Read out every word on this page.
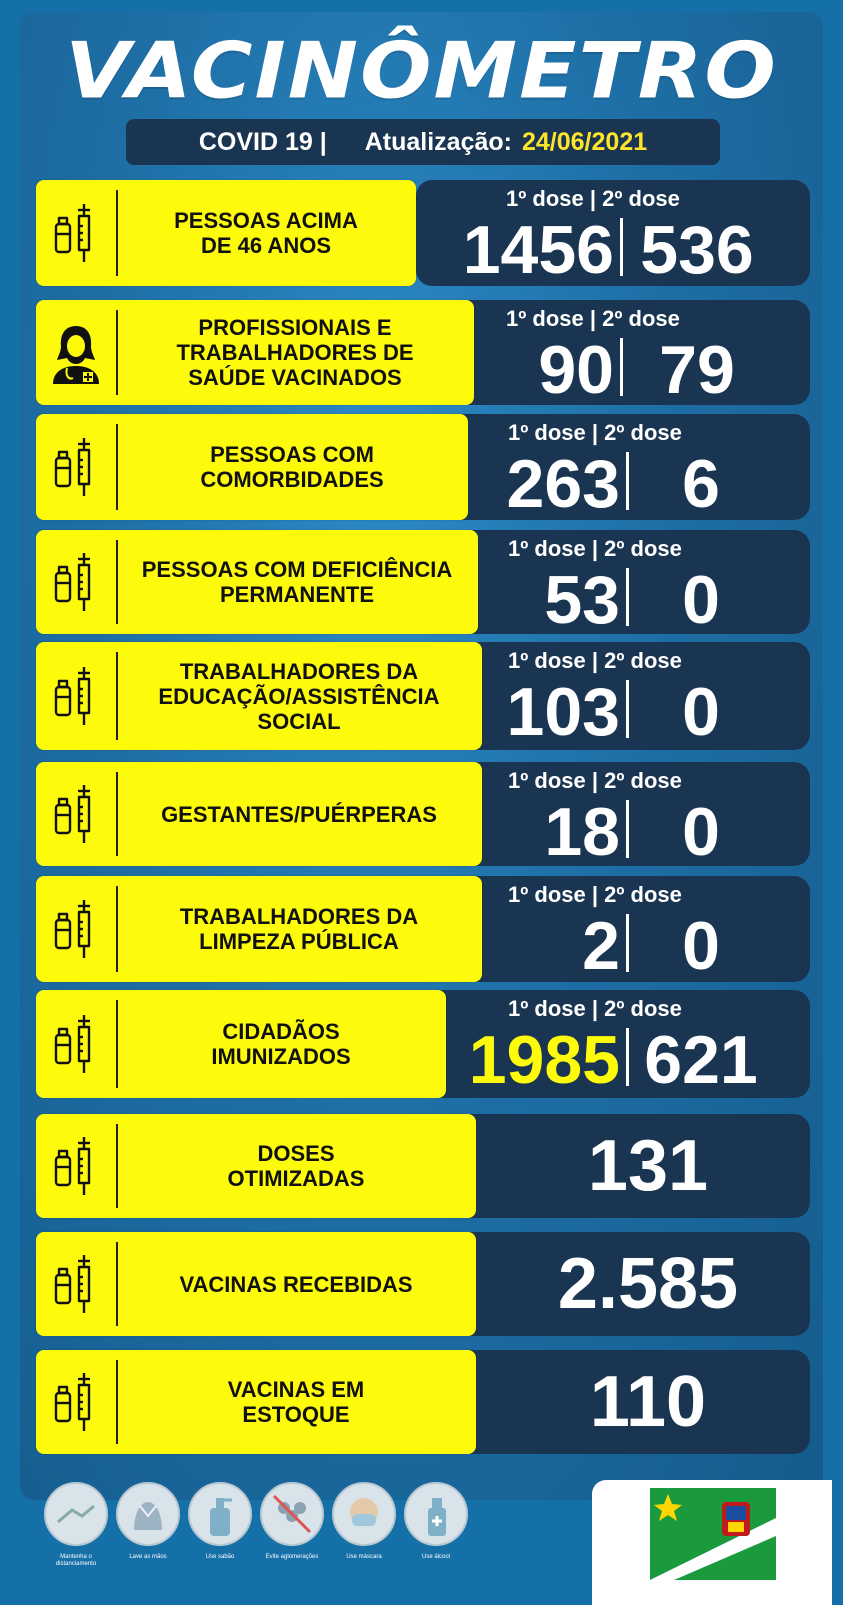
VACINÔMETRO
COVID 19 | Atualização: 24/06/2021
PESSOAS ACIMA
DE 46 ANOS
1º dose | 2º dose
1456 536
PROFISSIONAIS E
TRABALHADORES DE
SAÚDE VACINADOS
1º dose | 2º dose
90 79
PESSOAS COM
COMORBIDADES
1º dose | 2º dose
263 6
PESSOAS COM DEFICIÊNCIA
PERMANENTE
1º dose | 2º dose
53 0
TRABALHADORES DA
EDUCAÇÃO/ASSISTÊNCIA
SOCIAL
1º dose | 2º dose
103 0
GESTANTES/PUÉRPERAS
1º dose | 2º dose
18 0
TRABALHADORES DA
LIMPEZA PÚBLICA
1º dose | 2º dose
2 0
CIDADÃOS
IMUNIZADOS
1º dose | 2º dose
1985 621
DOSES
OTIMIZADAS	131
VACINAS RECEBIDAS	2.585
VACINAS EM
ESTOQUE	110
Mantenha o distanciamento
Lave as mãos	Use sabão	Evite aglomerações	Use máscara	Use álcool
